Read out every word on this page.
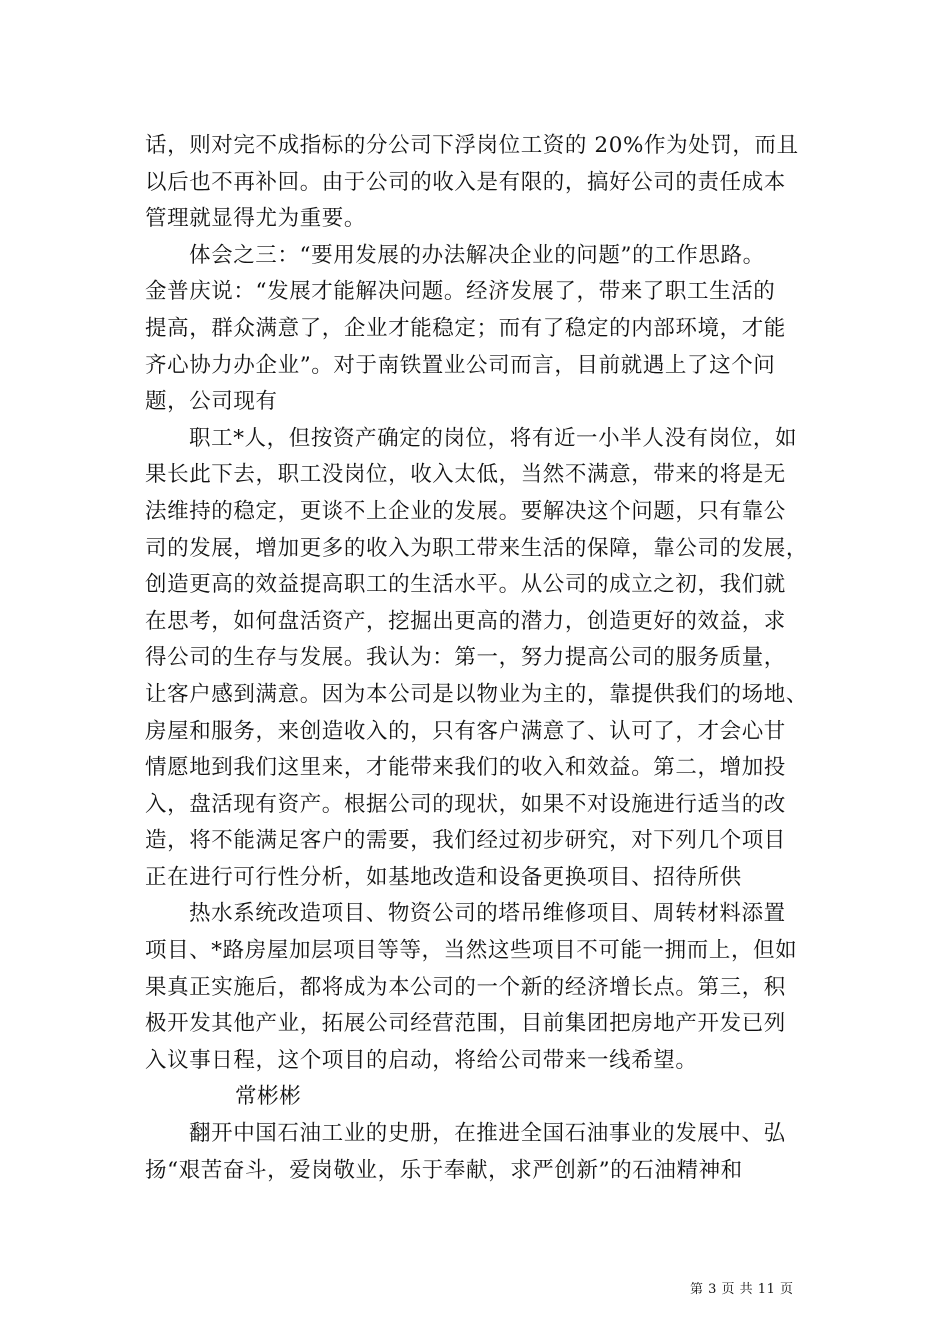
话，则对完不成指标的分公司下浮岗位工资的 20%作为处罚，而且
以后也不再补回。由于公司的收入是有限的，搞好公司的责任成本
管理就显得尤为重要。
体会之三：“要用发展的办法解决企业的问题”的工作思路。
金普庆说：“发展才能解决问题。经济发展了，带来了职工生活的
提高，群众满意了，企业才能稳定；而有了稳定的内部环境，才能
齐心协力办企业”。对于南铁置业公司而言，目前就遇上了这个问
题，公司现有
职工*人，但按资产确定的岗位，将有近一小半人没有岗位，如
果长此下去，职工没岗位，收入太低，当然不满意，带来的将是无
法维持的稳定，更谈不上企业的发展。要解决这个问题，只有靠公
司的发展，增加更多的收入为职工带来生活的保障，靠公司的发展，
创造更高的效益提高职工的生活水平。从公司的成立之初，我们就
在思考，如何盘活资产，挖掘出更高的潜力，创造更好的效益，求
得公司的生存与发展。我认为：第一，努力提高公司的服务质量，
让客户感到满意。因为本公司是以物业为主的，靠提供我们的场地、
房屋和服务，来创造收入的，只有客户满意了、认可了，才会心甘
情愿地到我们这里来，才能带来我们的收入和效益。第二，增加投
入，盘活现有资产。根据公司的现状，如果不对设施进行适当的改
造，将不能满足客户的需要，我们经过初步研究，对下列几个项目
正在进行可行性分析，如基地改造和设备更换项目、招待所供
热水系统改造项目、物资公司的塔吊维修项目、周转材料添置
项目、*路房屋加层项目等等，当然这些项目不可能一拥而上，但如
果真正实施后，都将成为本公司的一个新的经济增长点。第三，积
极开发其他产业，拓展公司经营范围，目前集团把房地产开发已列
入议事日程，这个项目的启动，将给公司带来一线希望。
常彬彬
翻开中国石油工业的史册，在推进全国石油事业的发展中、弘
扬“艰苦奋斗，爱岗敬业，乐于奉献，求严创新”的石油精神和
第 3 页 共 11 页
